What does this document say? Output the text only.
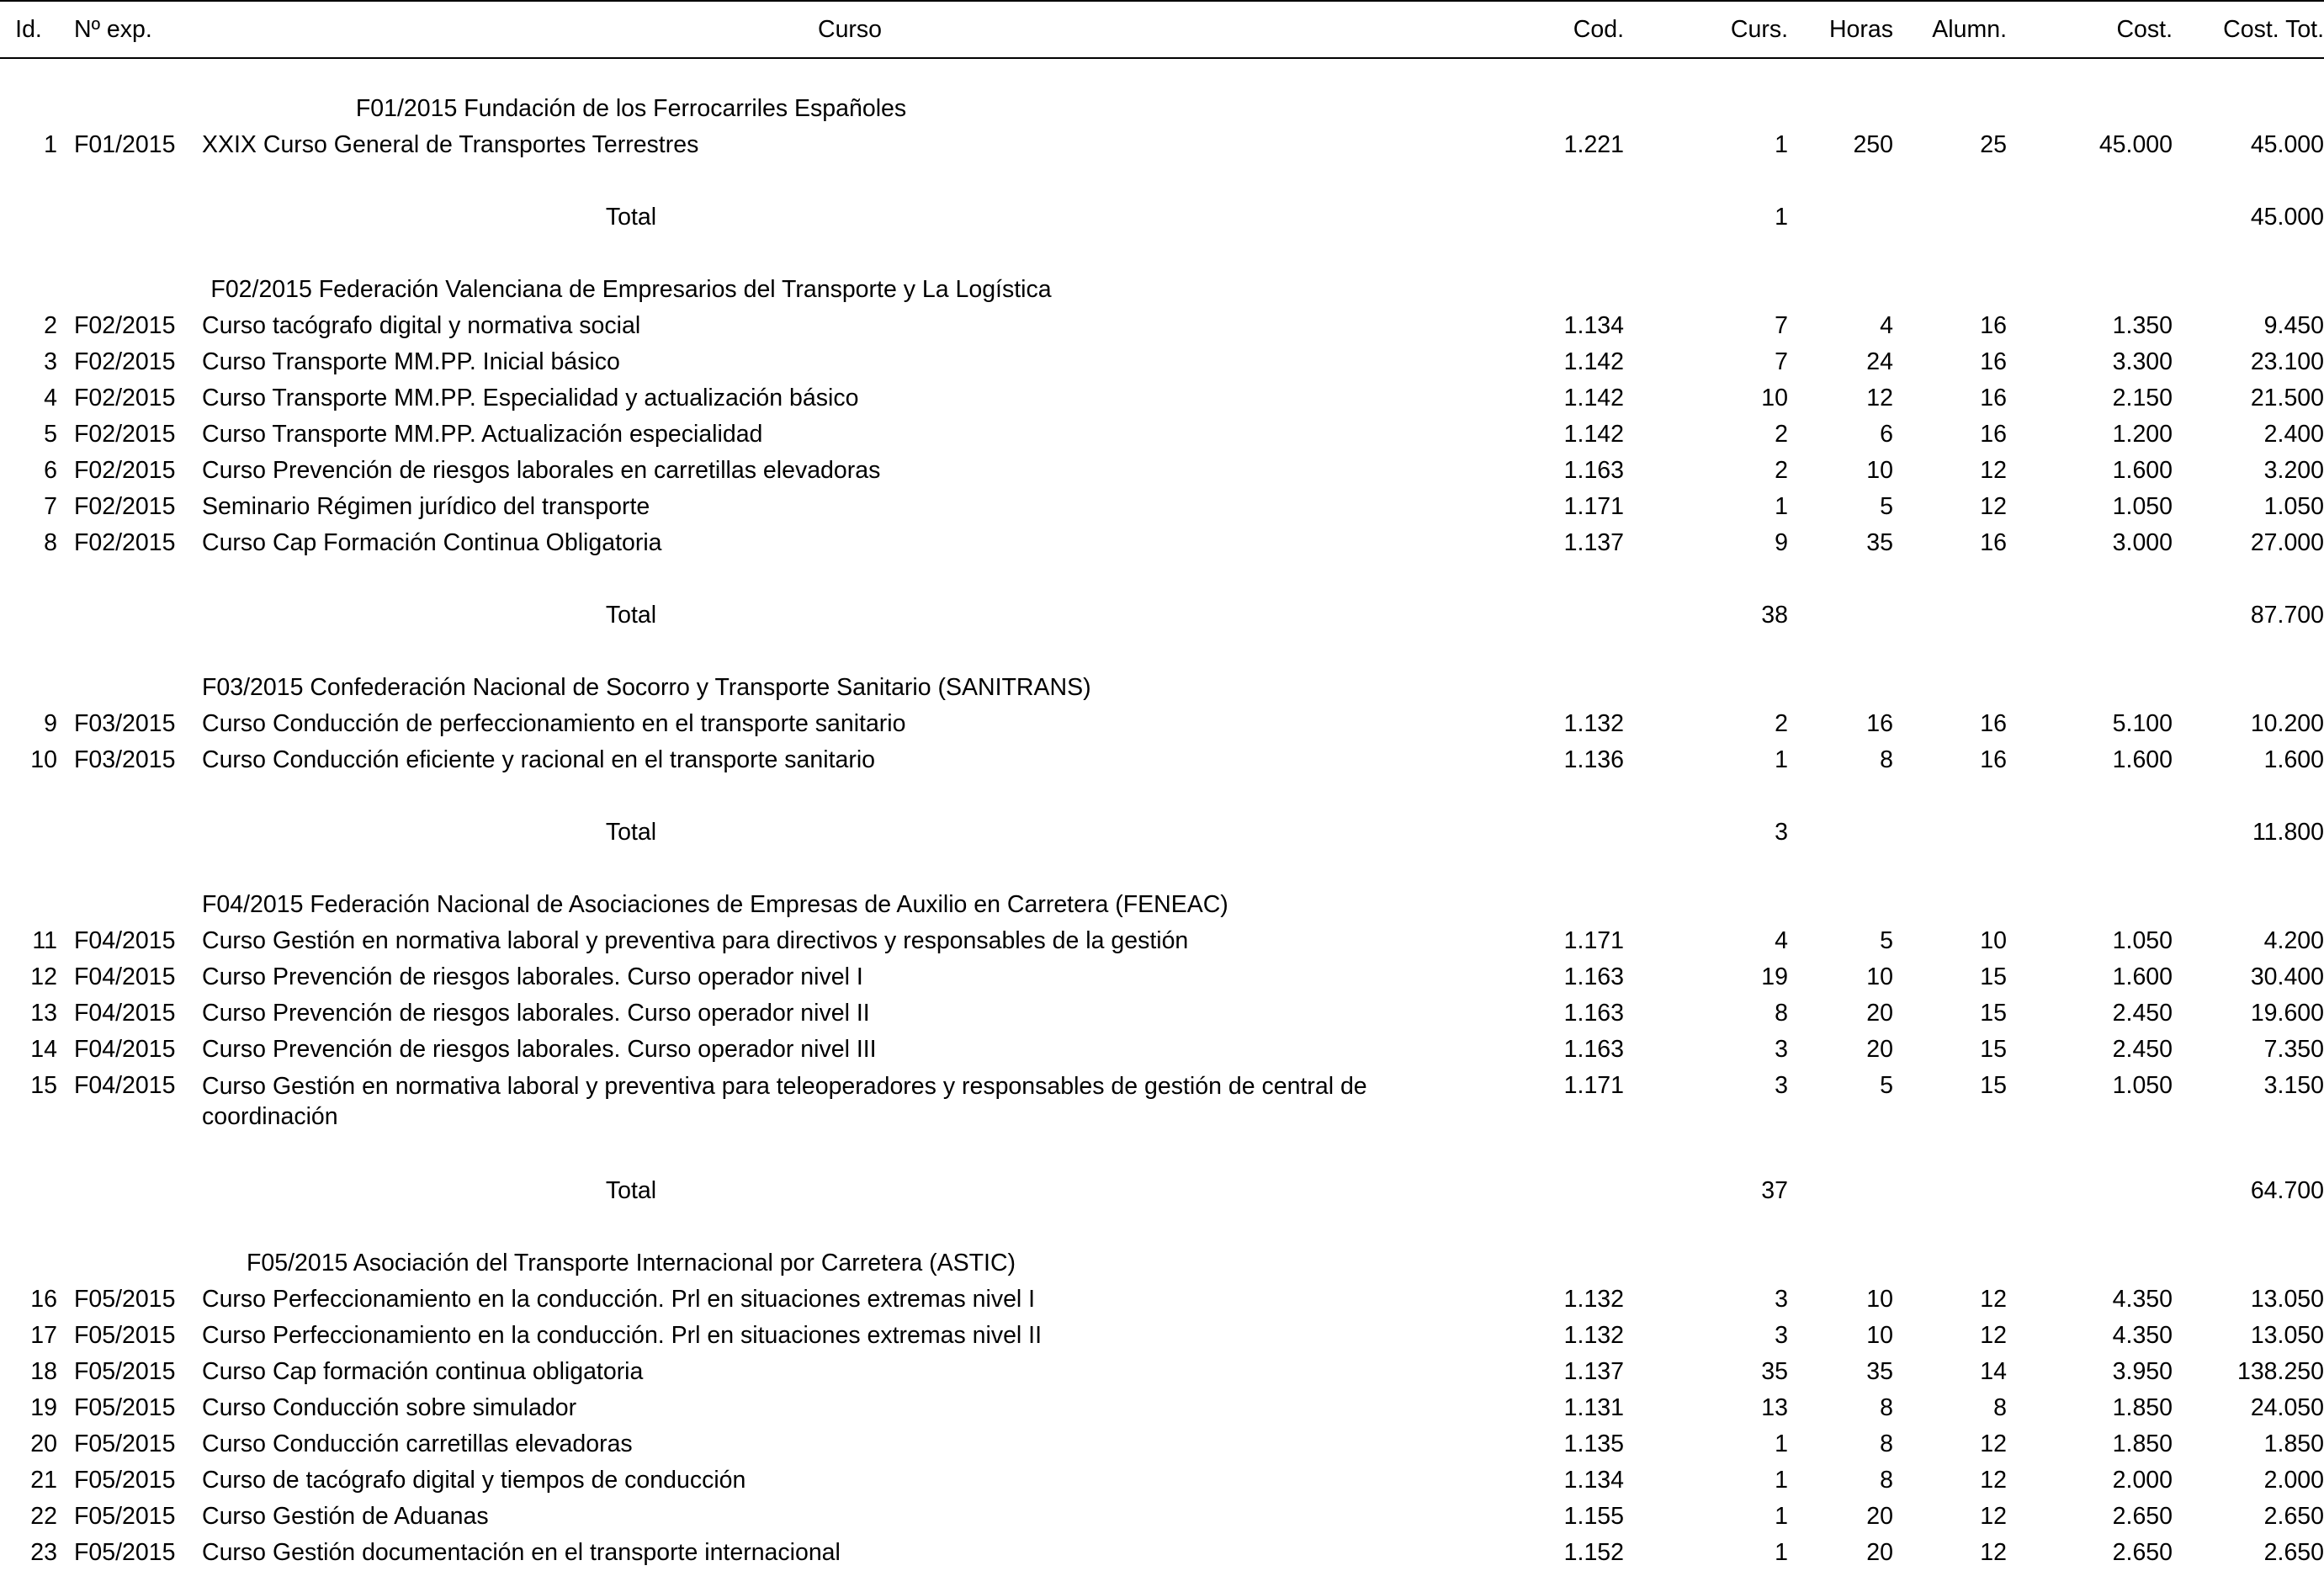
Id.	Nº exp.	Curso	Cod.	Curs.	Horas	Alumn.	Cost.	Cost. Tot.

		F01/2015 Fundación de los Ferrocarriles Españoles						
1	F01/2015	XXIX Curso General de Transportes Terrestres	1.221	1	250	25	45.000	45.000

		Total		1				45.000

		F02/2015 Federación Valenciana de Empresarios del Transporte y La Logística						
2	F02/2015	Curso tacógrafo digital y normativa social	1.134	7	4	16	1.350	9.450
3	F02/2015	Curso Transporte MM.PP. Inicial básico	1.142	7	24	16	3.300	23.100
4	F02/2015	Curso Transporte MM.PP. Especialidad y actualización básico	1.142	10	12	16	2.150	21.500
5	F02/2015	Curso Transporte MM.PP. Actualización especialidad	1.142	2	6	16	1.200	2.400
6	F02/2015	Curso Prevención de riesgos laborales en carretillas elevadoras	1.163	2	10	12	1.600	3.200
7	F02/2015	Seminario Régimen jurídico del transporte	1.171	1	5	12	1.050	1.050
8	F02/2015	Curso Cap Formación Continua Obligatoria	1.137	9	35	16	3.000	27.000

		Total		38				87.700

		F03/2015 Confederación Nacional de Socorro y Transporte Sanitario (SANITRANS)						
9	F03/2015	Curso Conducción de perfeccionamiento en el transporte sanitario	1.132	2	16	16	5.100	10.200
10	F03/2015	Curso Conducción eficiente y racional en el transporte sanitario	1.136	1	8	16	1.600	1.600

		Total		3				11.800

		F04/2015 Federación Nacional de Asociaciones de Empresas de Auxilio en Carretera (FENEAC)						
11	F04/2015	Curso Gestión en normativa laboral y preventiva para directivos y responsables de la gestión	1.171	4	5	10	1.050	4.200
12	F04/2015	Curso Prevención de riesgos laborales. Curso operador nivel I	1.163	19	10	15	1.600	30.400
13	F04/2015	Curso Prevención de riesgos laborales. Curso operador nivel II	1.163	8	20	15	2.450	19.600
14	F04/2015	Curso Prevención de riesgos laborales. Curso operador nivel III	1.163	3	20	15	2.450	7.350
15	F04/2015	Curso Gestión en normativa laboral y preventiva para teleoperadores y responsables de gestión de central de coordinación	1.171	3	5	15	1.050	3.150

		Total		37				64.700

		F05/2015 Asociación del Transporte Internacional por Carretera (ASTIC)						
16	F05/2015	Curso Perfeccionamiento en la conducción. Prl en situaciones extremas nivel I	1.132	3	10	12	4.350	13.050
17	F05/2015	Curso Perfeccionamiento en la conducción. Prl en situaciones extremas nivel II	1.132	3	10	12	4.350	13.050
18	F05/2015	Curso Cap formación continua obligatoria	1.137	35	35	14	3.950	138.250
19	F05/2015	Curso Conducción sobre simulador	1.131	13	8	8	1.850	24.050
20	F05/2015	Curso Conducción carretillas elevadoras	1.135	1	8	12	1.850	1.850
21	F05/2015	Curso de tacógrafo digital y tiempos de conducción	1.134	1	8	12	2.000	2.000
22	F05/2015	Curso Gestión de Aduanas	1.155	1	20	12	2.650	2.650
23	F05/2015	Curso Gestión documentación en el transporte internacional	1.152	1	20	12	2.650	2.650
